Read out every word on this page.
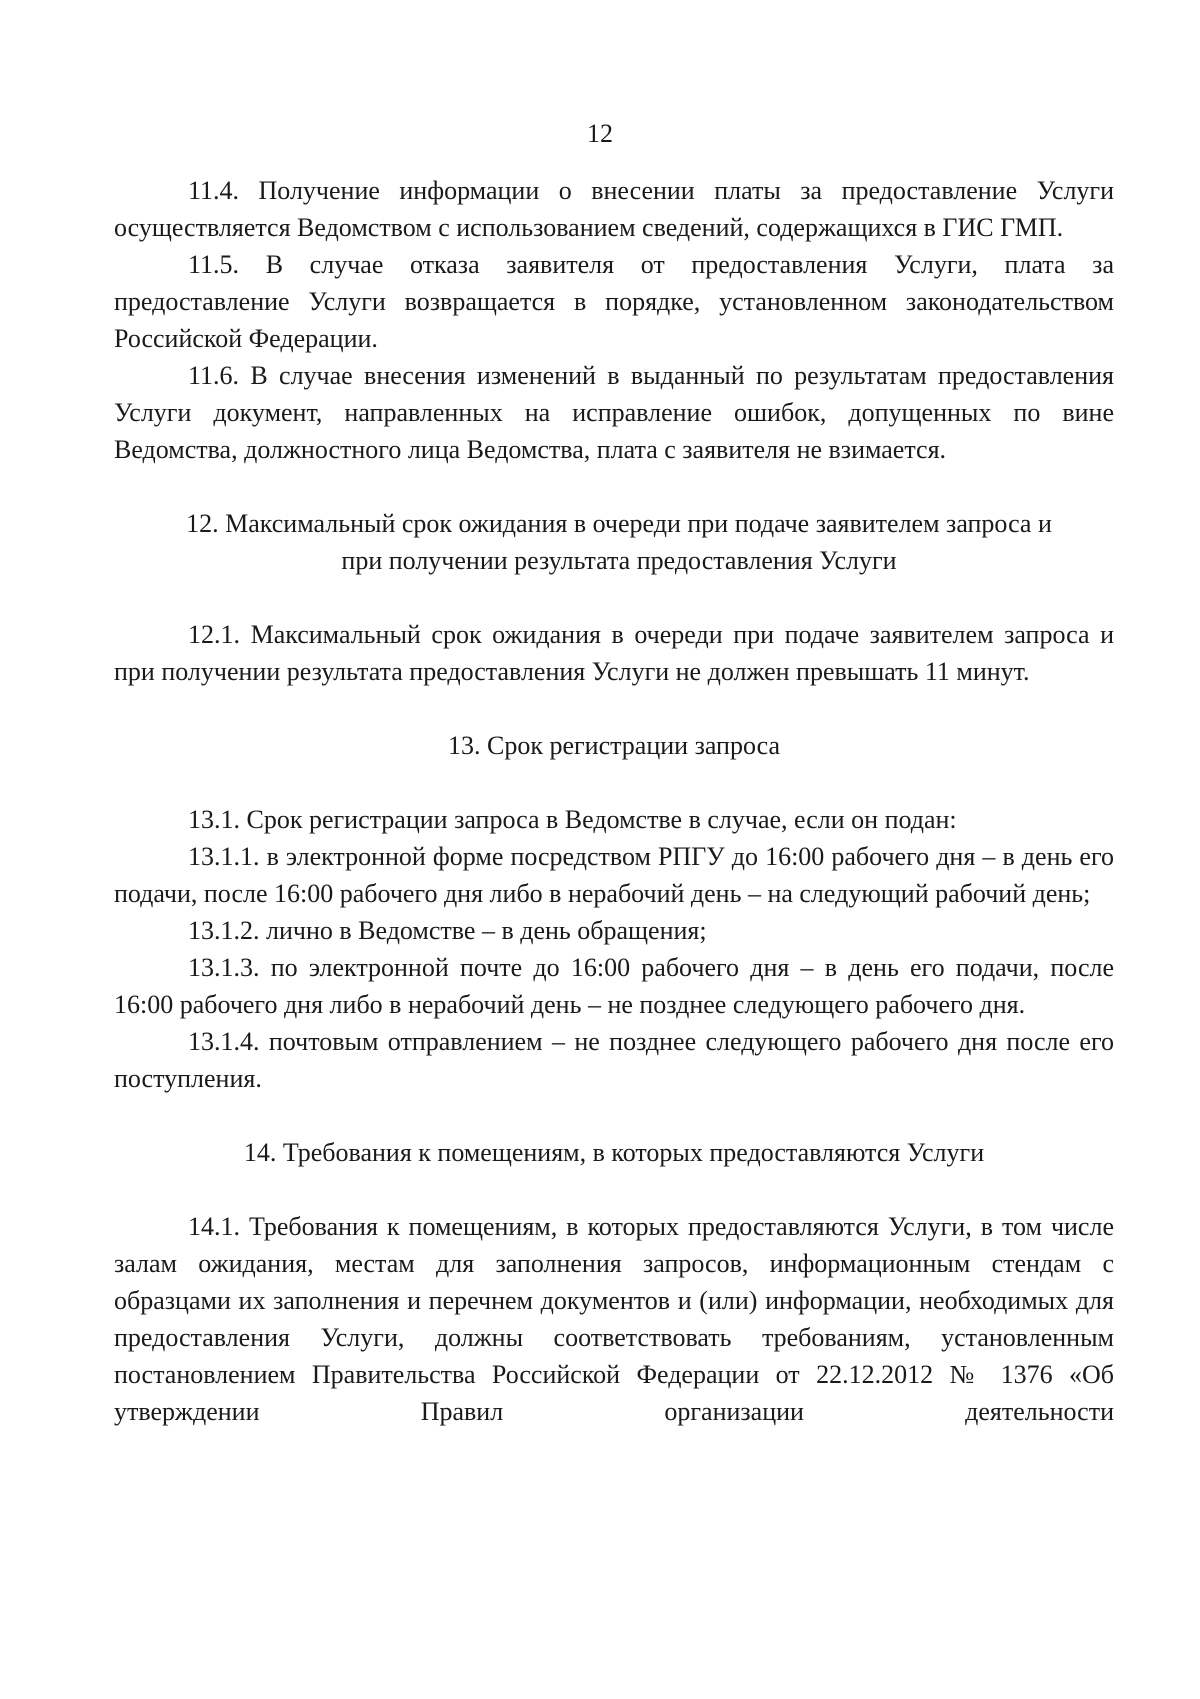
12

11.4. Получение информации о внесении платы за предоставление Услуги осуществляется Ведомством с использованием сведений, содержащихся в ГИС ГМП.

11.5. В случае отказа заявителя от предоставления Услуги, плата за предоставление Услуги возвращается в порядке, установленном законодательством Российской Федерации.

11.6. В случае внесения изменений в выданный по результатам предоставления Услуги документ, направленных на исправление ошибок, допущенных по вине Ведомства, должностного лица Ведомства, плата с заявителя не взимается.

12. Максимальный срок ожидания в очереди при подаче заявителем запроса и при получении результата предоставления Услуги

12.1. Максимальный срок ожидания в очереди при подаче заявителем запроса и при получении результата предоставления Услуги не должен превышать 11 минут.

13. Срок регистрации запроса

13.1. Срок регистрации запроса в Ведомстве в случае, если он подан:

13.1.1. в электронной форме посредством РПГУ до 16:00 рабочего дня – в день его подачи, после 16:00 рабочего дня либо в нерабочий день – на следующий рабочий день;

13.1.2. лично в Ведомстве – в день обращения;

13.1.3. по электронной почте до 16:00 рабочего дня – в день его подачи, после 16:00 рабочего дня либо в нерабочий день – не позднее следующего рабочего дня.

13.1.4. почтовым отправлением – не позднее следующего рабочего дня после его поступления.

14. Требования к помещениям, в которых предоставляются Услуги

14.1. Требования к помещениям, в которых предоставляются Услуги, в том числе залам ожидания, местам для заполнения запросов, информационным стендам с образцами их заполнения и перечнем документов и (или) информации, необходимых для предоставления Услуги, должны соответствовать требованиям, установленным постановлением Правительства Российской Федерации от 22.12.2012 № 1376 «Об утверждении Правил организации деятельности
